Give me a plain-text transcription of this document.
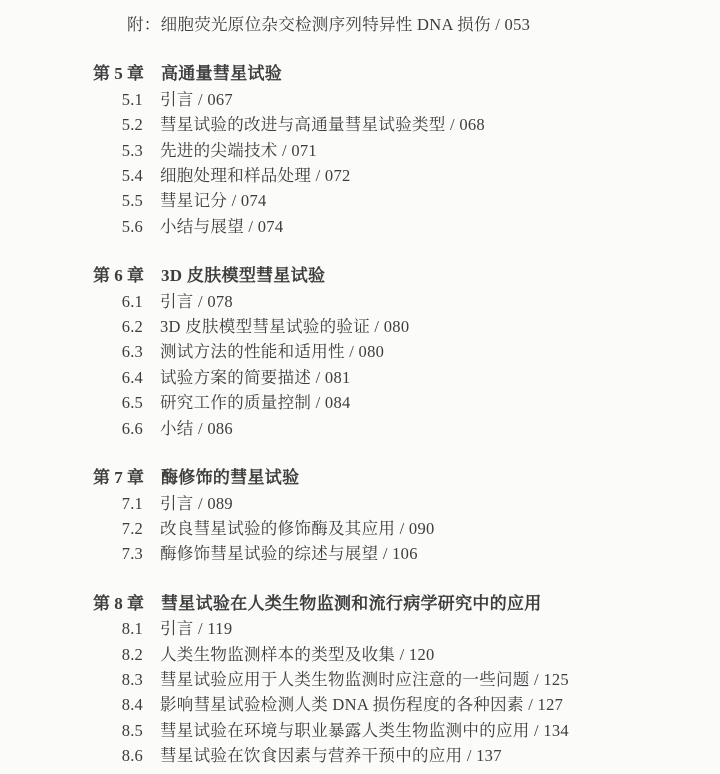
附：细胞荧光原位杂交检测序列特异性 DNA 损伤 / 053
第 5 章 高通量彗星试验
5.1 引言 / 067
5.2 彗星试验的改进与高通量彗星试验类型 / 068
5.3 先进的尖端技术 / 071
5.4 细胞处理和样品处理 / 072
5.5 彗星记分 / 074
5.6 小结与展望 / 074
第 6 章 3D 皮肤模型彗星试验
6.1 引言 / 078
6.2 3D 皮肤模型彗星试验的验证 / 080
6.3 测试方法的性能和适用性 / 080
6.4 试验方案的简要描述 / 081
6.5 研究工作的质量控制 / 084
6.6 小结 / 086
第 7 章 酶修饰的彗星试验
7.1 引言 / 089
7.2 改良彗星试验的修饰酶及其应用 / 090
7.3 酶修饰彗星试验的综述与展望 / 106
第 8 章 彗星试验在人类生物监测和流行病学研究中的应用
8.1 引言 / 119
8.2 人类生物监测样本的类型及收集 / 120
8.3 彗星试验应用于人类生物监测时应注意的一些问题 / 125
8.4 影响彗星试验检测人类 DNA 损伤程度的各种因素 / 127
8.5 彗星试验在环境与职业暴露人类生物监测中的应用 / 134
8.6 彗星试验在饮食因素与营养干预中的应用 / 137
